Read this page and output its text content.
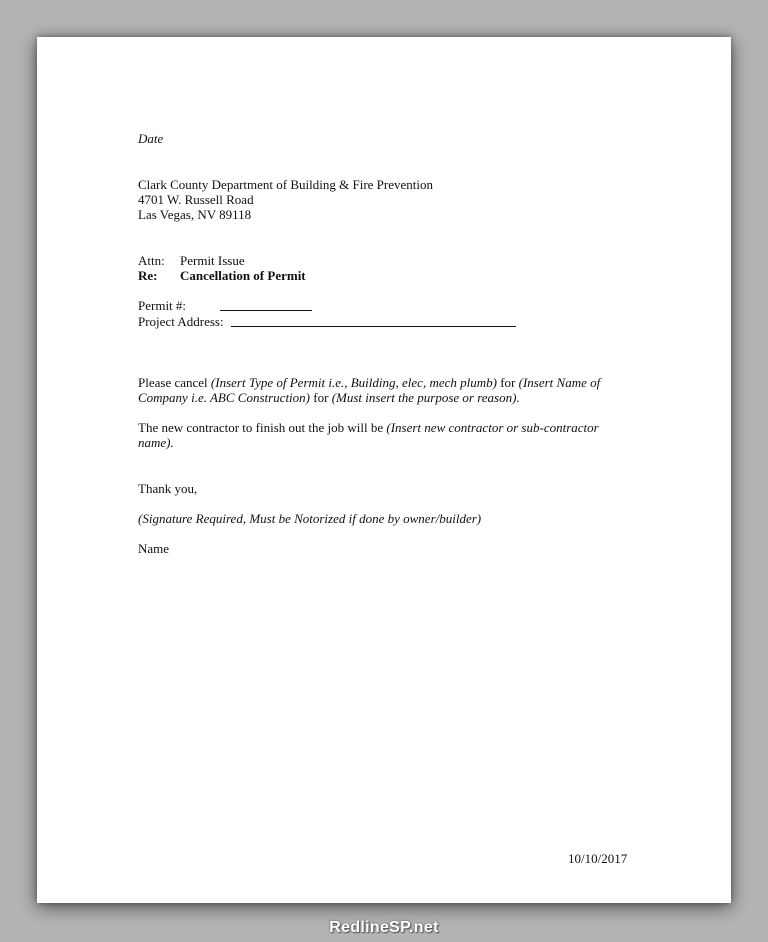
Date
Clark County Department of Building & Fire Prevention
4701 W. Russell Road
Las Vegas, NV 89118
Attn: Permit Issue
Re: Cancellation of Permit
Permit #:
Project Address:
Please cancel (Insert Type of Permit i.e., Building, elec, mech plumb) for (Insert Name of
Company i.e. ABC Construction) for (Must insert the purpose or reason).
The new contractor to finish out the job will be (Insert new contractor or sub-contractor
name).
Thank you,
(Signature Required, Must be Notorized if done by owner/builder)
Name
10/10/2017
RedlineSP.net
